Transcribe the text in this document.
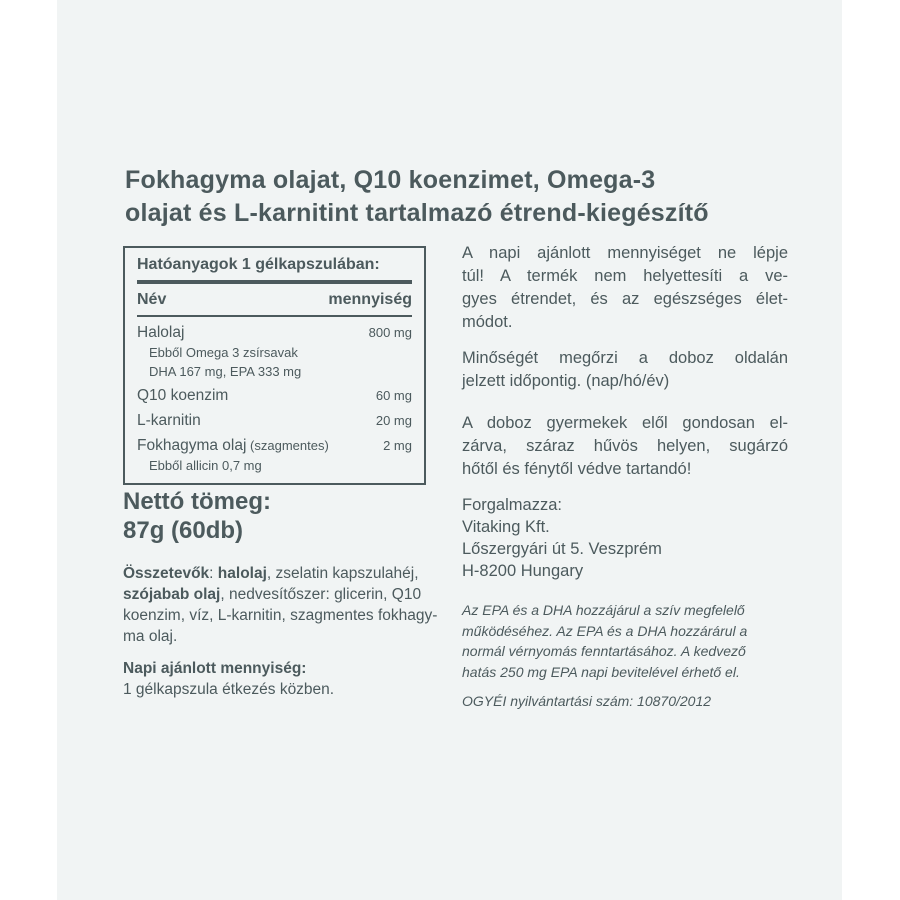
Fokhagyma olajat, Q10 koenzimet, Omega-3
olajat és L-karnitint tartalmazó étrend-kiegészítő
Hatóanyagok 1 gélkapszulában:
Név	mennyiség
Halolaj	800 mg
Ebből Omega 3 zsírsavak
DHA 167 mg, EPA 333 mg
Q10 koenzim	60 mg
L-karnitin	20 mg
Fokhagyma olaj (szagmentes)	2 mg
Ebből allicin 0,7 mg
Nettó tömeg:
87g (60db)
Összetevők: halolaj, zselatin kapszulahéj,
szójabab olaj, nedvesítőszer: glicerin, Q10
koenzim, víz, L-karnitin, szagmentes fokhagy-
ma olaj.
Napi ajánlott mennyiség:
1 gélkapszula étkezés közben.
A napi ajánlott mennyiséget ne lépje
túl! A termék nem helyettesíti a ve-
gyes étrendet, és az egészséges élet-
módot.
Minőségét megőrzi a doboz oldalán
jelzett időpontig. (nap/hó/év)
A doboz gyermekek elől gondosan el-
zárva, száraz hűvös helyen, sugárzó
hőtől és fénytől védve tartandó!
Forgalmazza:
Vitaking Kft.
Lőszergyári út 5. Veszprém
H-8200 Hungary
Az EPA és a DHA hozzájárul a szív megfelelő
működéséhez. Az EPA és a DHA hozzárárul a
normál vérnyomás fenntartásához. A kedvező
hatás 250 mg EPA napi bevitelével érhető el.
OGYÉI nyilvántartási szám: 10870/2012
